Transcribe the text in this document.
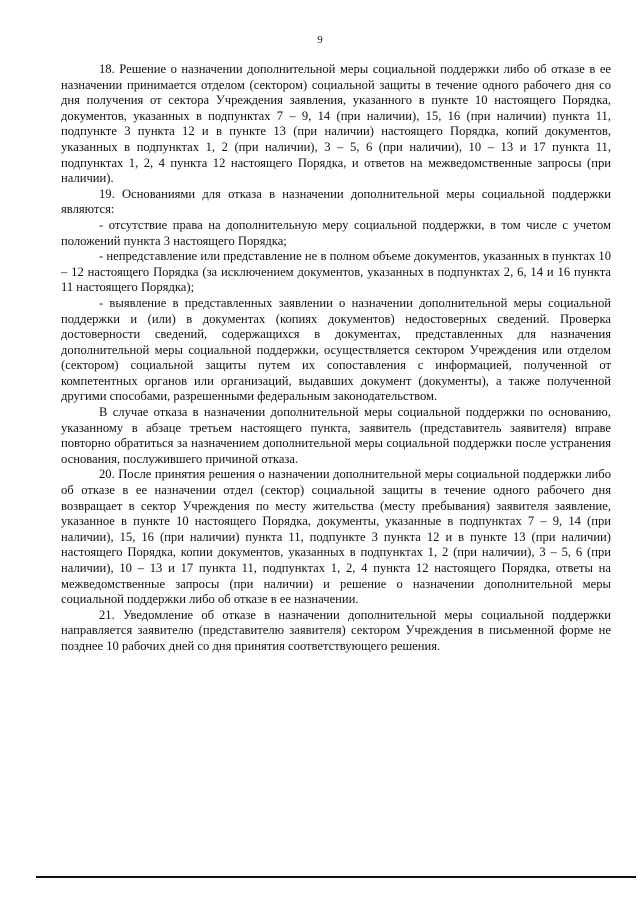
9

18. Решение о назначении дополнительной меры социальной поддержки либо об отказе в ее назначении принимается отделом (сектором) социальной защиты в течение одного рабочего дня со дня получения от сектора Учреждения заявления, указанного в пункте 10 настоящего Порядка, документов, указанных в подпунктах 7 – 9, 14 (при наличии), 15, 16 (при наличии) пункта 11, подпункте 3 пункта 12 и в пункте 13 (при наличии) настоящего Порядка, копий документов, указанных в подпунктах 1, 2 (при наличии), 3 – 5, 6 (при наличии), 10 – 13 и 17 пункта 11, подпунктах 1, 2, 4 пункта 12 настоящего Порядка, и ответов на межведомственные запросы (при наличии).

19. Основаниями для отказа в назначении дополнительной меры социальной поддержки являются:

- отсутствие права на дополнительную меру социальной поддержки, в том числе с учетом положений пункта 3 настоящего Порядка;

- непредставление или представление не в полном объеме документов, указанных в пунктах 10 – 12 настоящего Порядка (за исключением документов, указанных в подпунктах 2, 6, 14 и 16 пункта 11 настоящего Порядка);

- выявление в представленных заявлении о назначении дополнительной меры социальной поддержки и (или) в документах (копиях документов) недостоверных сведений. Проверка достоверности сведений, содержащихся в документах, представленных для назначения дополнительной меры социальной поддержки, осуществляется сектором Учреждения или отделом (сектором) социальной защиты путем их сопоставления с информацией, полученной от компетентных органов или организаций, выдавших документ (документы), а также полученной другими способами, разрешенными федеральным законодательством.

В случае отказа в назначении дополнительной меры социальной поддержки по основанию, указанному в абзаце третьем настоящего пункта, заявитель (представитель заявителя) вправе повторно обратиться за назначением дополнительной меры социальной поддержки после устранения основания, послужившего причиной отказа.

20. После принятия решения о назначении дополнительной меры социальной поддержки либо об отказе в ее назначении отдел (сектор) социальной защиты в течение одного рабочего дня возвращает в сектор Учреждения по месту жительства (месту пребывания) заявителя заявление, указанное в пункте 10 настоящего Порядка, документы, указанные в подпунктах 7 – 9, 14 (при наличии), 15, 16 (при наличии) пункта 11, подпункте 3 пункта 12 и в пункте 13 (при наличии) настоящего Порядка, копии документов, указанных в подпунктах 1, 2 (при наличии), 3 – 5, 6 (при наличии), 10 – 13 и 17 пункта 11, подпунктах 1, 2, 4 пункта 12 настоящего Порядка, ответы на межведомственные запросы (при наличии) и решение о назначении дополнительной меры социальной поддержки либо об отказе в ее назначении.

21. Уведомление об отказе в назначении дополнительной меры социальной поддержки направляется заявителю (представителю заявителя) сектором Учреждения в письменной форме не позднее 10 рабочих дней со дня принятия соответствующего решения.
